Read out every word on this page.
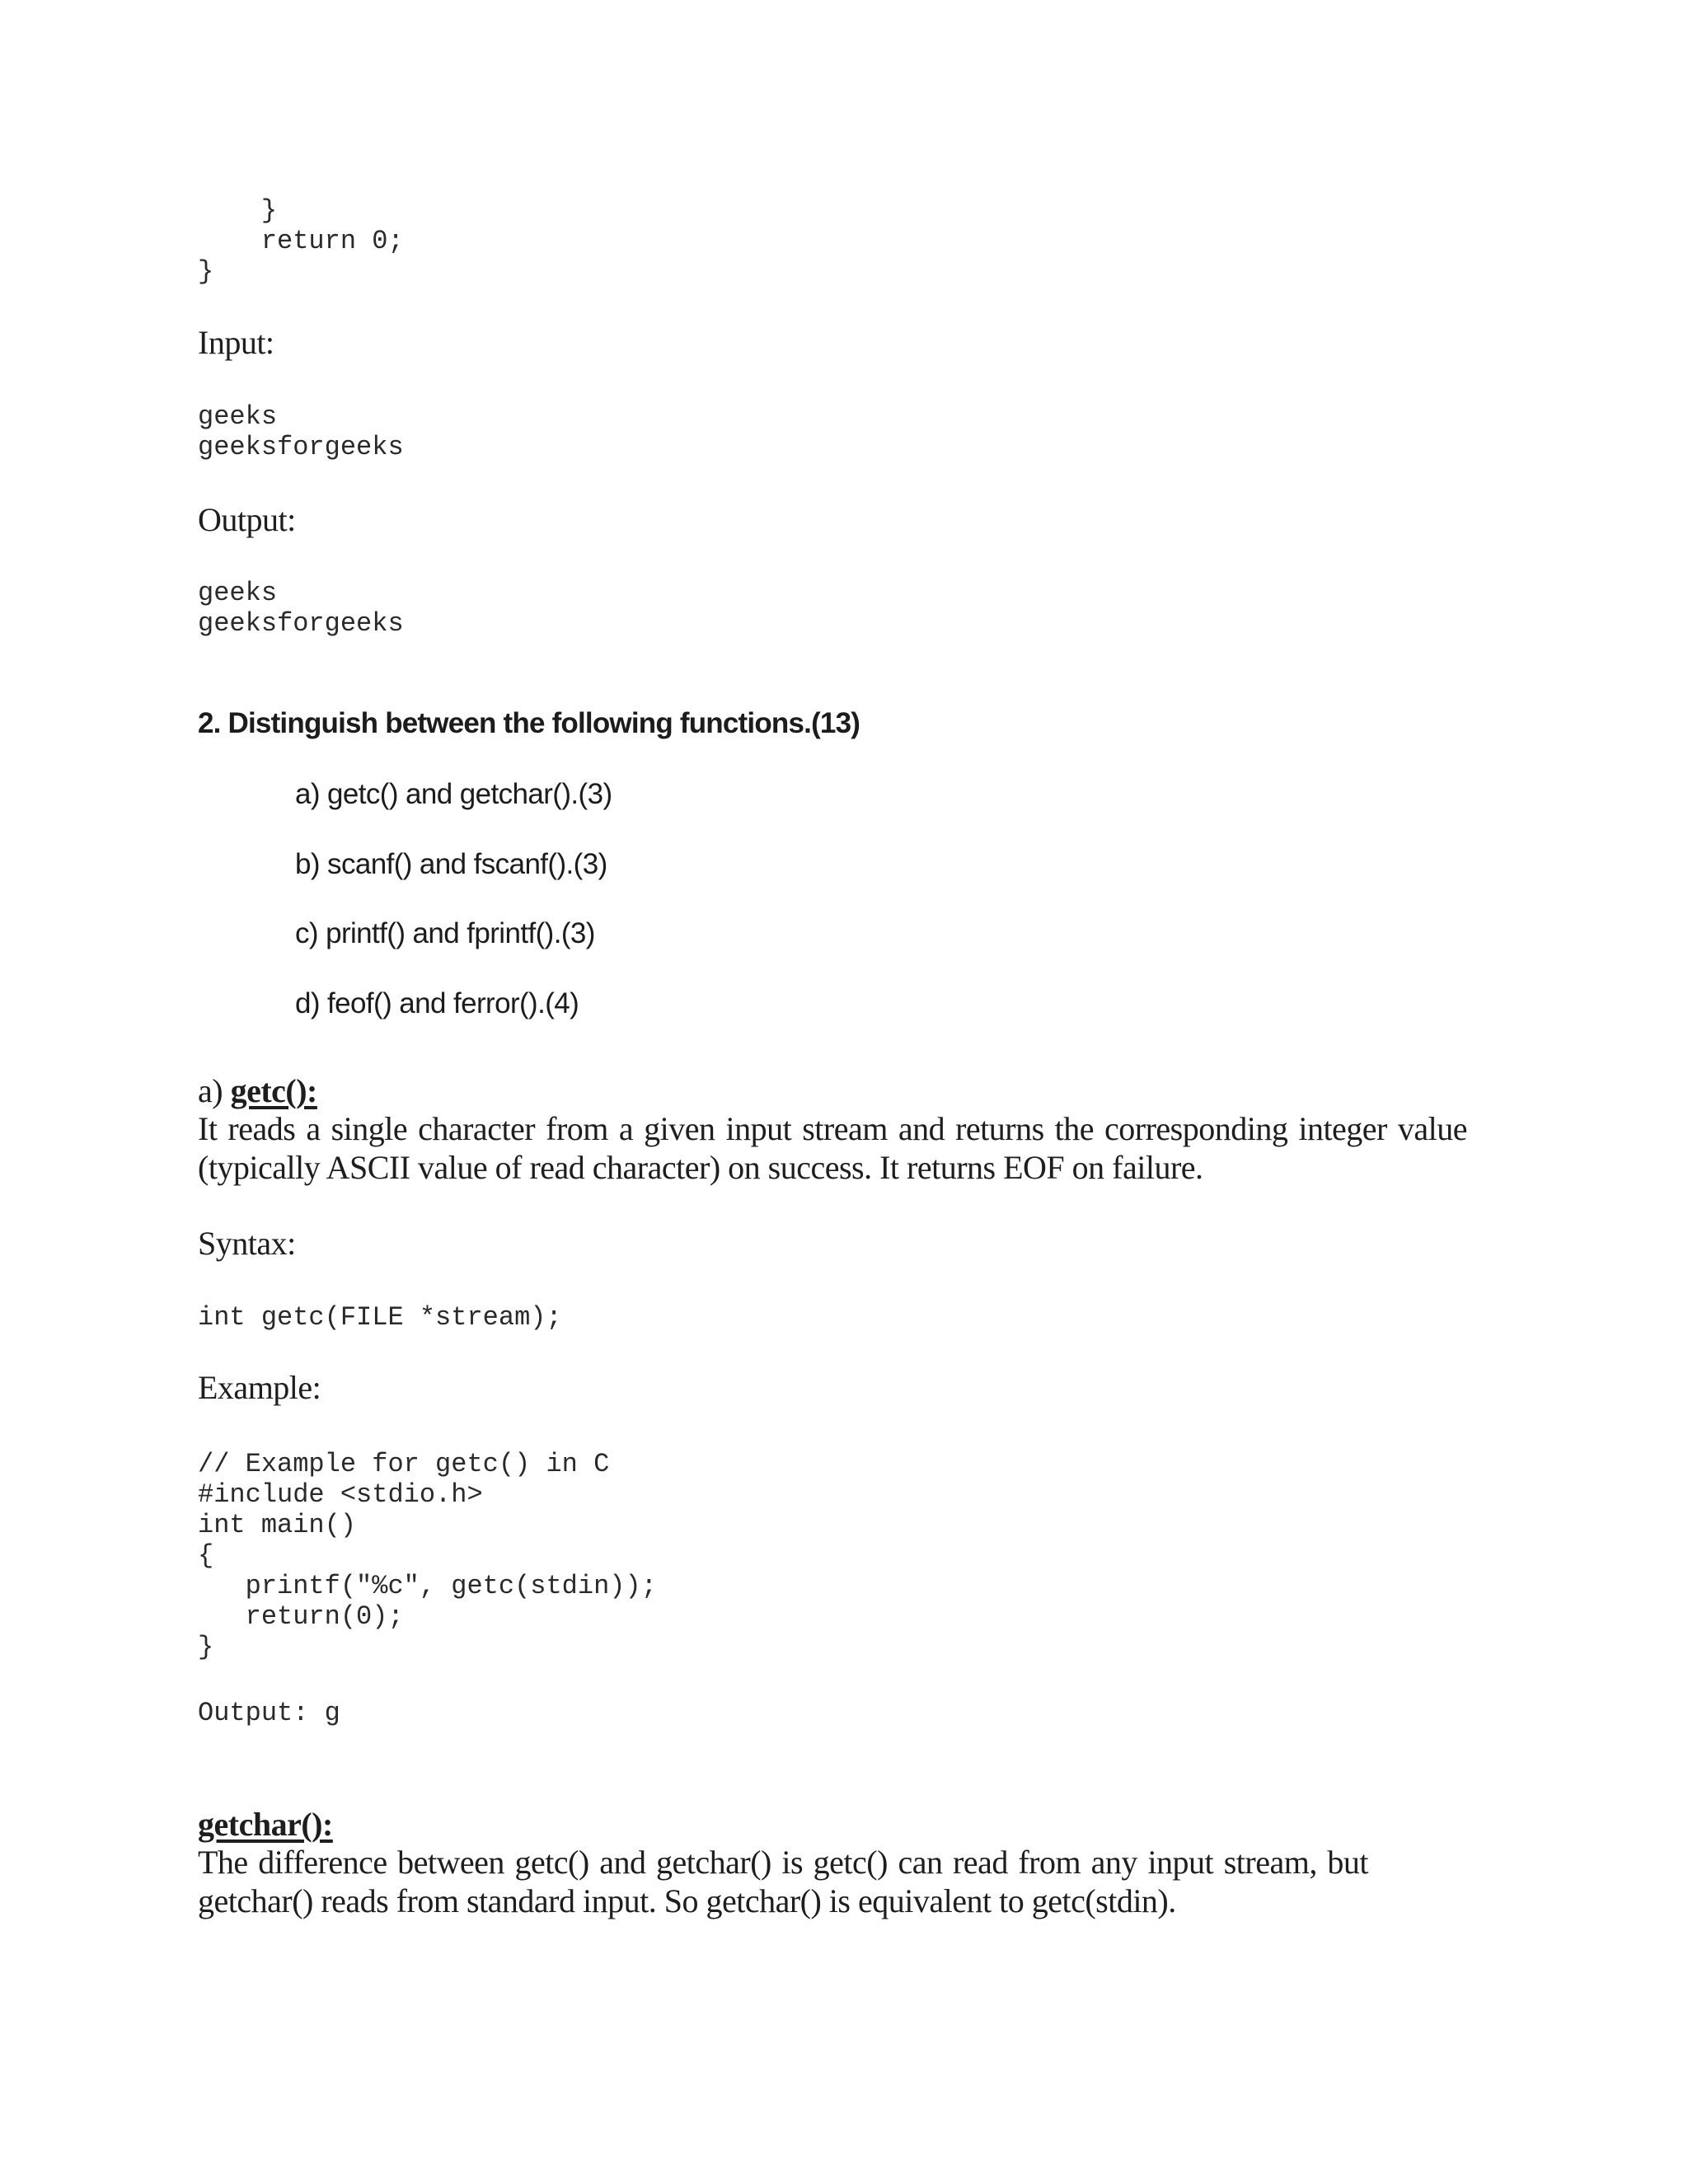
}
return 0;
}

Input:

geeks
geeksforgeeks

Output:

geeks
geeksforgeeks

2. Distinguish between the following functions.(13)

a) getc() and getchar().(3)

b) scanf() and fscanf().(3)

c) printf() and fprintf().(3)

d) feof() and ferror().(4)

a) getc():

It reads a single character from a given input stream and returns the corresponding integer value (typically ASCII value of read character) on success. It returns EOF on failure.

Syntax:

int getc(FILE *stream);

Example:

// Example for getc() in C
#include <stdio.h>
int main()
{
printf("%c", getc(stdin));
return(0);
}
Output: g

getchar():

The difference between getc() and getchar() is getc() can read from any input stream, but getchar() reads from standard input. So getchar() is equivalent to getc(stdin).
